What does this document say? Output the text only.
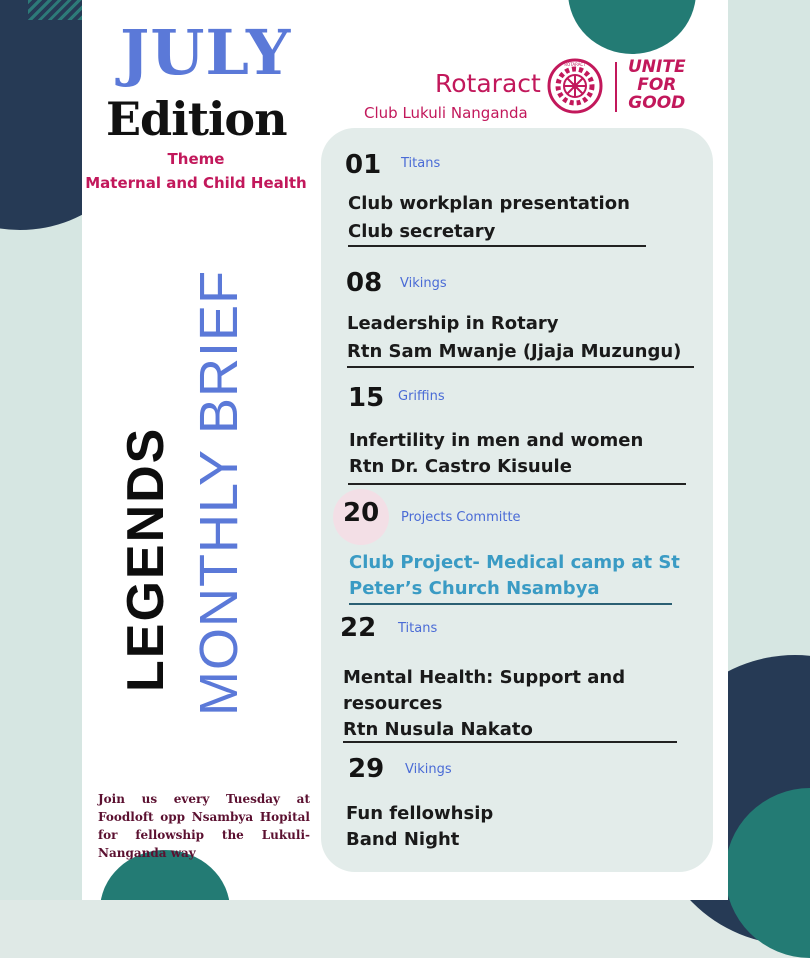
JULY
Edition
Theme
Maternal and Child Health
Rotaract
ROTARACT
Club Lukuli Nanganda
UNITE
FOR
GOOD
LEGENDS MONTHLY BRIEF
Join us every Tuesday at Foodloft opp Nsambya Hopital for fellowship the Lukuli-Nanganda way
01 Titans
Club workplan presentation
Club secretary
08 Vikings
Leadership in Rotary
Rtn Sam Mwanje (Jjaja Muzungu)
15 Griffins
Infertility in men and women
Rtn Dr. Castro Kisuule
20 Projects Committe
Club Project- Medical camp at St
Peter’s Church Nsambya
22 Titans
Mental Health: Support and
resources
Rtn Nusula Nakato
29 Vikings
Fun fellowhsip
Band Night
